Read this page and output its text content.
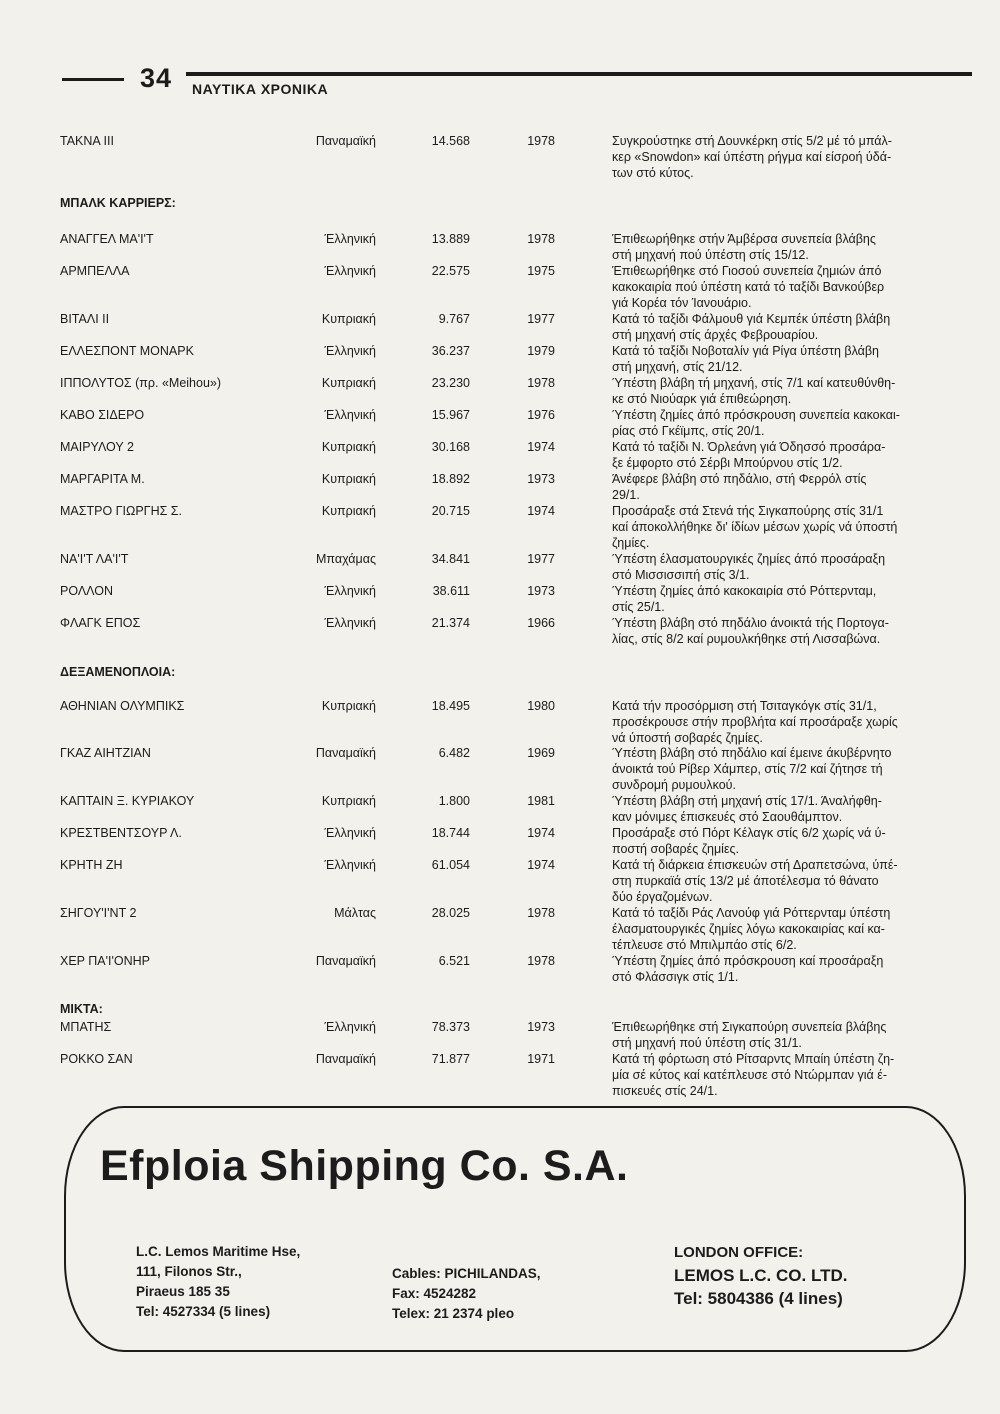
34 ΝΑΥΤΙΚΑ ΧΡΟΝΙΚΑ
ΤΑΚΝΑ ΙΙΙ	Παναμαϊκή	14.568	1978	Συγκρούστηκε στή Δουνκέρκη στίς 5/2 μέ τό μπάλ-
κερ «Snowdon» καί ύπέστη ρήγμα καί είσροή ύδά-
των στό κύτος.
ΜΠΑΛΚ ΚΑΡΡΙΕΡΣ:
ΑΝΑΓΓΕΛ ΜΑ'Ι'Τ	Έλληνική	13.889	1978	Έπιθεωρήθηκε στήν Άμβέρσα συνεπεία βλάβης
στή μηχανή πού ύπέστη στίς 15/12.
ΑΡΜΠΕΛΛΑ	Έλληνική	22.575	1975	Έπιθεωρήθηκε στό Γιοσού συνεπεία ζημιών άπό
κακοκαιρία πού ύπέστη κατά τό ταξίδι Βανκούβερ
γιά Κορέα τόν Ίανουάριο.
ΒΙΤΑΛΙ ΙΙ	Κυπριακή	9.767	1977	Κατά τό ταξίδι Φάλμουθ γιά Κεμπέκ ύπέστη βλάβη
στή μηχανή στίς άρχές Φεβρουαρίου.
ΕΛΛΕΣΠΟΝΤ ΜΟΝΑΡΚ	Έλληνική	36.237	1979	Κατά τό ταξίδι Νοβοταλίν γιά Ρίγα ύπέστη βλάβη
στή μηχανή, στίς 21/12.
ΙΠΠΟΛΥΤΟΣ (πρ. «Meihou»)	Κυπριακή	23.230	1978	Ύπέστη βλάβη τή μηχανή, στίς 7/1 καί κατευθύνθη-
κε στό Νιούαρκ γιά έπιθεώρηση.
ΚΑΒΟ ΣΙΔΕΡΟ	Έλληνική	15.967	1976	Ύπέστη ζημίες άπό πρόσκρουση συνεπεία κακοκαι-
ρίας στό Γκέϊμπς, στίς 20/1.
ΜΑΙΡΥΛΟΥ 2	Κυπριακή	30.168	1974	Κατά τό ταξίδι Ν. Όρλεάνη γιά Όδησσό προσάρα-
ξε έμφορτο στό Σέρβι Μπούρνου στίς 1/2.
ΜΑΡΓΑΡΙΤΑ Μ.	Κυπριακή	18.892	1973	Άνέφερε βλάβη στό πηδάλιο, στή Φερρόλ στίς
29/1.
ΜΑΣΤΡΟ ΓΙΩΡΓΗΣ Σ.	Κυπριακή	20.715	1974	Προσάραξε στά Στενά τής Σιγκαπούρης στίς 31/1
καί άποκολλήθηκε δι' ίδίων μέσων χωρίς νά ύποστή
ζημίες.
ΝΑ'Ι'Τ ΛΑ'Ι'Τ	Μπαχάμας	34.841	1977	Ύπέστη έλασματουργικές ζημίες άπό προσάραξη
στό Μισσισσιπή στίς 3/1.
ΡΟΛΛΟΝ	Έλληνική	38.611	1973	Ύπέστη ζημίες άπό κακοκαιρία στό Ρόττερνταμ,
στίς 25/1.
ΦΛΑΓΚ ΕΠΟΣ	Έλληνική	21.374	1966	Ύπέστη βλάβη στό πηδάλιο άνοικτά τής Πορτογα-
λίας, στίς 8/2 καί ρυμουλκήθηκε στή Λισσαβώνα.
ΔΕΞΑΜΕΝΟΠΛΟΙΑ:
ΑΘΗΝΙΑΝ ΟΛΥΜΠΙΚΣ	Κυπριακή	18.495	1980	Κατά τήν προσόρμιση στή Τσιταγκόγκ στίς 31/1,
προσέκρουσε στήν προβλήτα καί προσάραξε χωρίς
νά ύποστή σοβαρές ζημίες.
ΓΚΑΖ ΑΙΗΤΖΙΑΝ	Παναμαϊκή	6.482	1969	Ύπέστη βλάβη στό πηδάλιο καί έμεινε άκυβέρνητο
άνοικτά τού Ρίβερ Χάμπερ, στίς 7/2 καί ζήτησε τή
συνδρομή ρυμουλκού.
ΚΑΠΤΑΙΝ Ξ. ΚΥΡΙΑΚΟΥ	Κυπριακή	1.800	1981	Ύπέστη βλάβη στή μηχανή στίς 17/1. Άναλήφθη-
καν μόνιμες έπισκευές στό Σαουθάμπτον.
ΚΡΕΣΤΒΕΝΤΣΟΥΡ Λ.	Έλληνική	18.744	1974	Προσάραξε στό Πόρτ Κέλαγκ στίς 6/2 χωρίς νά ύ-
ποστή σοβαρές ζημίες.
ΚΡΗΤΗ ΖΗ	Έλληνική	61.054	1974	Κατά τή διάρκεια έπισκευών στή Δραπετσώνα, ύπέ-
στη πυρκαϊά στίς 13/2 μέ άποτέλεσμα τό θάνατο
δύο έργαζομένων.
ΣΗΓΟΥ'Ι'ΝΤ 2	Μάλτας	28.025	1978	Κατά τό ταξίδι Ράς Λανούφ γιά Ρόττερνταμ ύπέστη
έλασματουργικές ζημίες λόγω κακοκαιρίας καί κα-
τέπλευσε στό Μπιλμπάο στίς 6/2.
ΧΕΡ ΠΑ'Ι'ΟΝΗΡ	Παναμαϊκή	6.521	1978	Ύπέστη ζημίες άπό πρόσκρουση καί προσάραξη
στό Φλάσσιγκ στίς 1/1.
ΜΙΚΤΑ:
ΜΠΑΤΗΣ	Έλληνική	78.373	1973	Έπιθεωρήθηκε στή Σιγκαπούρη συνεπεία βλάβης
στή μηχανή πού ύπέστη στίς 31/1.
ΡΟΚΚΟ ΣΑΝ	Παναμαϊκή	71.877	1971	Κατά τή φόρτωση στό Ρίτσαρντς Μπαίη ύπέστη ζη-
μία σέ κύτος καί κατέπλευσε στό Ντώρμπαν γιά έ-
πισκευές στίς 24/1.
Efploia Shipping Co. S.A.
L.C. Lemos Maritime Hse,
111, Filonos Str.,
Piraeus 185 35
Tel: 4527334 (5 lines)
Cables: PICHILANDAS,
Fax: 4524282
Telex: 21 2374 pleo
LONDON OFFICE:
LEMOS L.C. CO. LTD.
Tel: 5804386 (4 lines)
